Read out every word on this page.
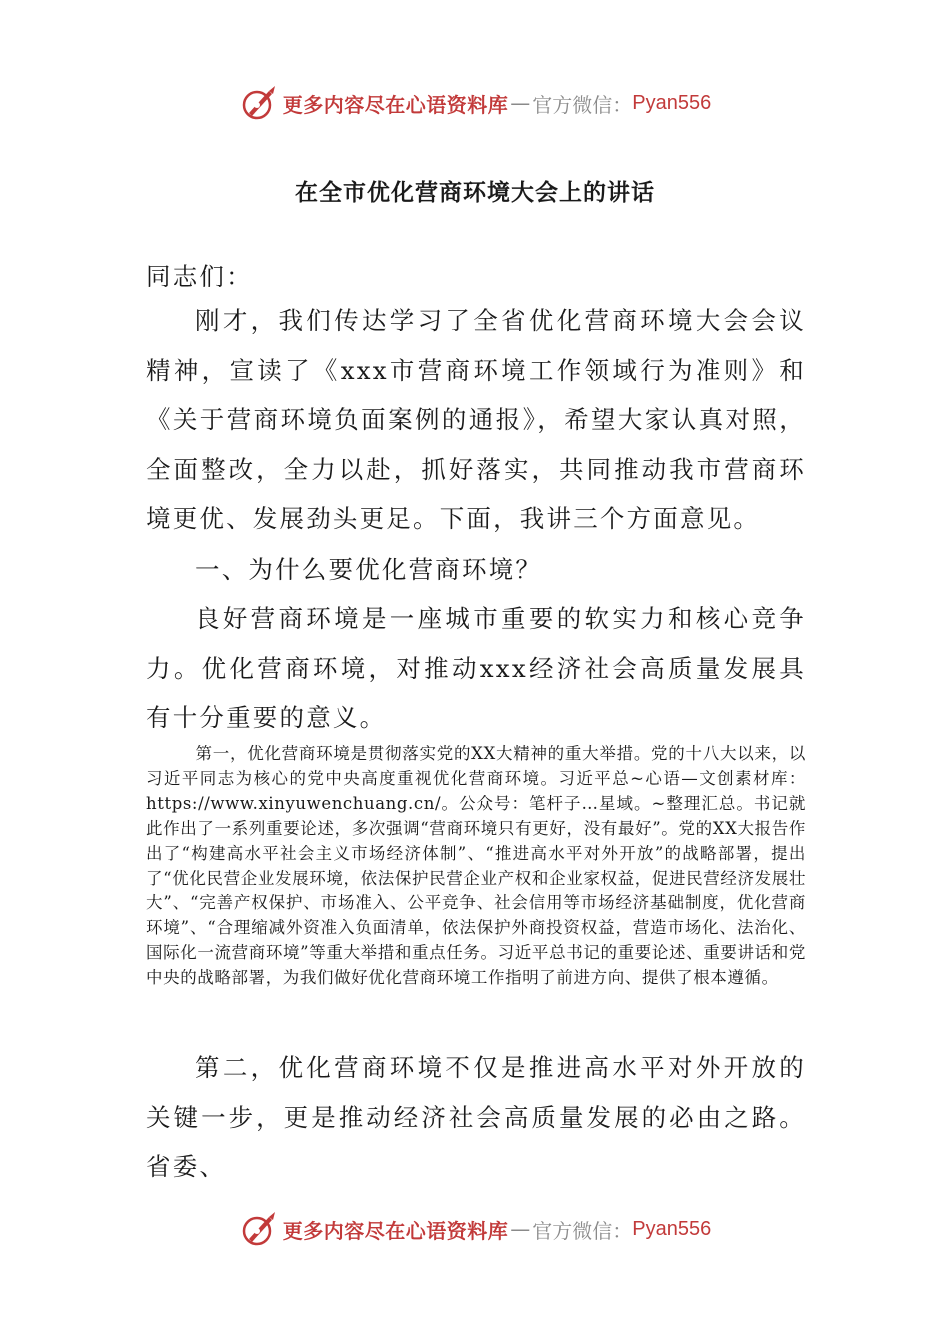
更多内容尽在心语资料库 — 官方微信： Pyan556
在全市优化营商环境大会上的讲话

同志们：

刚才，我们传达学习了全省优化营商环境大会会议精神，宣读了《xxx市营商环境工作领域行为准则》和《关于营商环境负面案例的通报》，希望大家认真对照，全面整改，全力以赴，抓好落实，共同推动我市营商环境更优、发展劲头更足。下面，我讲三个方面意见。

一、为什么要优化营商环境？

良好营商环境是一座城市重要的软实力和核心竞争力。优化营商环境，对推动xxx经济社会高质量发展具有十分重要的意义。

第一，优化营商环境是贯彻落实党的XX大精神的重大举措。党的十八大以来，以习近平同志为核心的党中央高度重视优化营商环境。习近平总~心语—文创素材库：https://www.xinyuwenchuang.cn/。公众号：笔杆子…星域。~整理汇总。书记就此作出了一系列重要论述，多次强调“营商环境只有更好，没有最好”。党的XX大报告作出了“构建高水平社会主义市场经济体制”、“推进高水平对外开放”的战略部署，提出了“优化民营企业发展环境，依法保护民营企业产权和企业家权益，促进民营经济发展壮大”、“完善产权保护、市场准入、公平竞争、社会信用等市场经济基础制度，优化营商环境”、“合理缩减外资准入负面清单，依法保护外商投资权益，营造市场化、法治化、国际化一流营商环境”等重大举措和重点任务。习近平总书记的重要论述、重要讲话和党中央的战略部署，为我们做好优化营商环境工作指明了前进方向、提供了根本遵循。

第二，优化营商环境不仅是推进高水平对外开放的关键一步，更是推动经济社会高质量发展的必由之路。省委、

更多内容尽在心语资料库 — 官方微信： Pyan556
